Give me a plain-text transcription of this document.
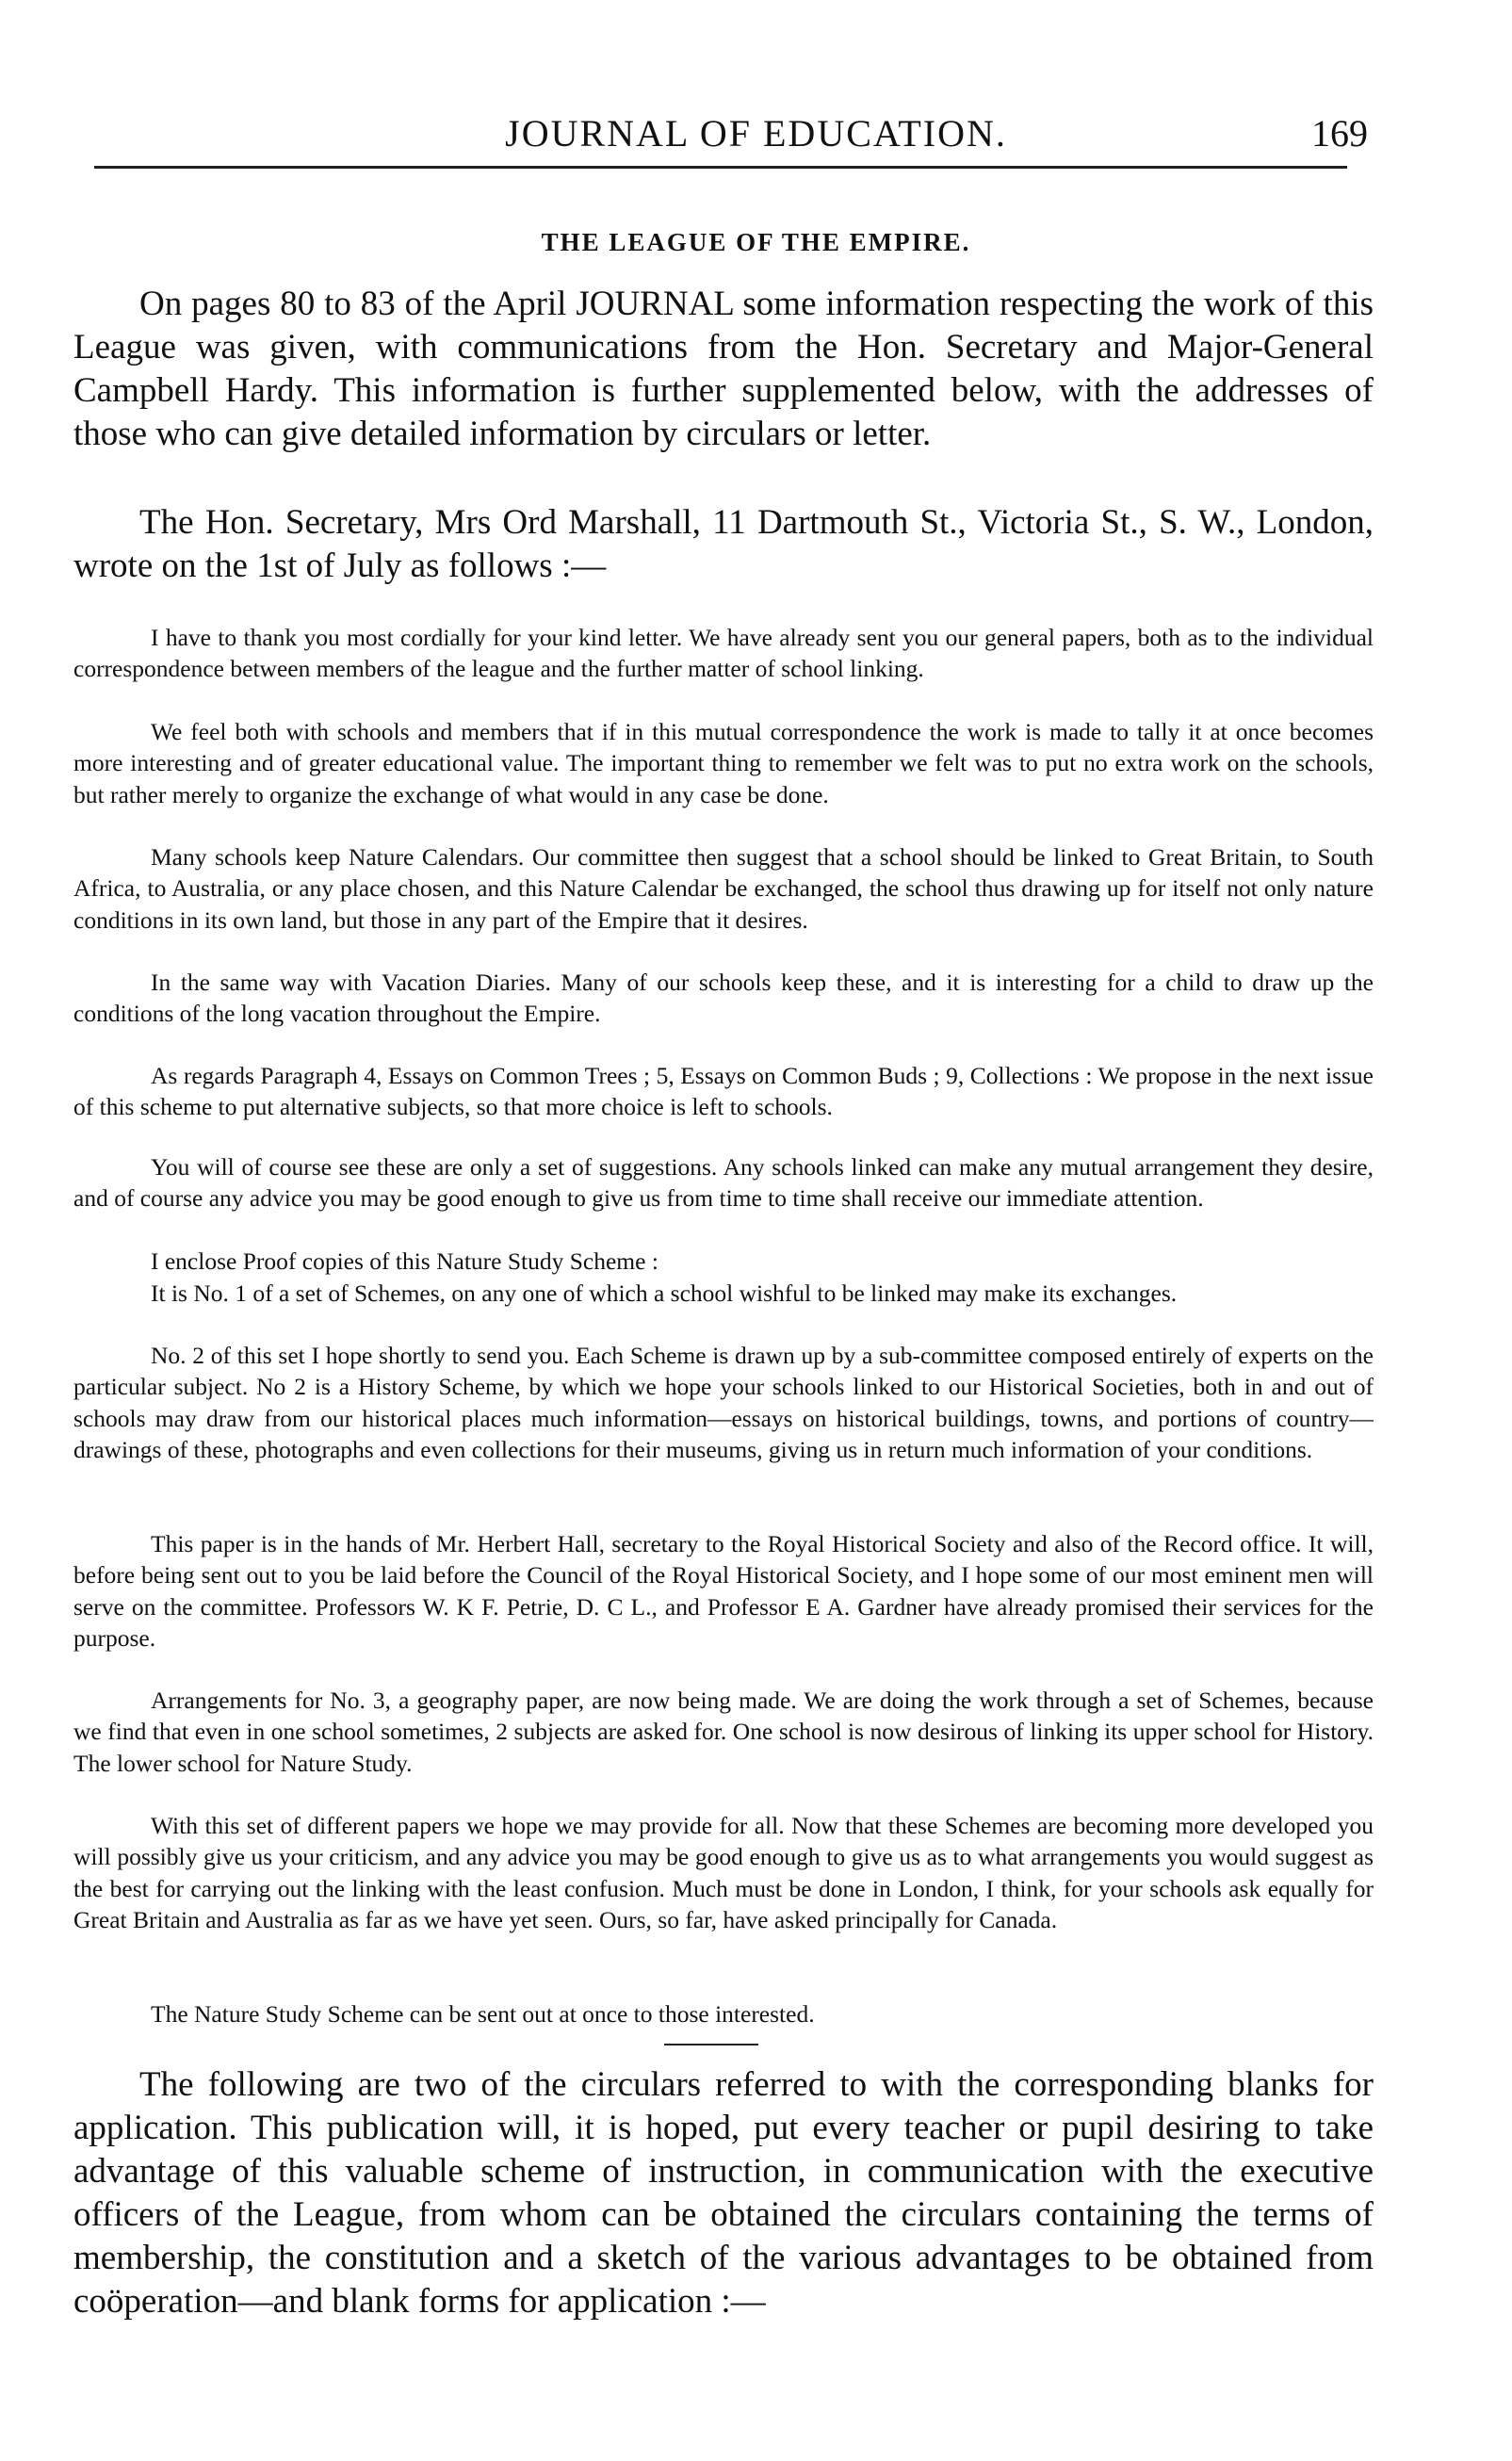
JOURNAL OF EDUCATION.	169
THE LEAGUE OF THE EMPIRE.

On pages 80 to 83 of the April JOURNAL some information respecting the work of this League was given, with communications from the Hon. Secretary and Major-General Campbell Hardy. This information is further supplemented below, with the addresses of those who can give detailed information by circulars or letter.

The Hon. Secretary, Mrs Ord Marshall, 11 Dartmouth St., Victoria St., S. W., London, wrote on the 1st of July as follows :—

I have to thank you most cordially for your kind letter. We have already sent you our general papers, both as to the individual correspondence between members of the league and the further matter of school linking.

We feel both with schools and members that if in this mutual correspondence the work is made to tally it at once becomes more interesting and of greater educational value. The important thing to remember we felt was to put no extra work on the schools, but rather merely to organize the exchange of what would in any case be done.

Many schools keep Nature Calendars. Our committee then suggest that a school should be linked to Great Britain, to South Africa, to Australia, or any place chosen, and this Nature Calendar be exchanged, the school thus drawing up for itself not only nature conditions in its own land, but those in any part of the Empire that it desires.

In the same way with Vacation Diaries. Many of our schools keep these, and it is interesting for a child to draw up the conditions of the long vacation throughout the Empire.

As regards Paragraph 4, Essays on Common Trees ; 5, Essays on Common Buds ; 9, Collections : We propose in the next issue of this scheme to put alternative subjects, so that more choice is left to schools.

You will of course see these are only a set of suggestions. Any schools linked can make any mutual arrangement they desire, and of course any advice you may be good enough to give us from time to time shall receive our immediate attention.

I enclose Proof copies of this Nature Study Scheme :

It is No. 1 of a set of Schemes, on any one of which a school wishful to be linked may make its exchanges.

No. 2 of this set I hope shortly to send you. Each Scheme is drawn up by a sub-committee composed entirely of experts on the particular subject. No 2 is a History Scheme, by which we hope your schools linked to our Historical Societies, both in and out of schools may draw from our historical places much information—essays on historical buildings, towns, and portions of country—drawings of these, photographs and even collections for their museums, giving us in return much information of your conditions.

This paper is in the hands of Mr. Herbert Hall, secretary to the Royal Historical Society and also of the Record office. It will, before being sent out to you be laid before the Council of the Royal Historical Society, and I hope some of our most eminent men will serve on the committee. Professors W. K F. Petrie, D. C L., and Professor E A. Gardner have already promised their services for the purpose.

Arrangements for No. 3, a geography paper, are now being made. We are doing the work through a set of Schemes, because we find that even in one school sometimes, 2 subjects are asked for. One school is now desirous of linking its upper school for History. The lower school for Nature Study.

With this set of different papers we hope we may provide for all. Now that these Schemes are becoming more developed you will possibly give us your criticism, and any advice you may be good enough to give us as to what arrangements you would suggest as the best for carrying out the linking with the least confusion. Much must be done in London, I think, for your schools ask equally for Great Britain and Australia as far as we have yet seen. Ours, so far, have asked principally for Canada.

The Nature Study Scheme can be sent out at once to those interested.

The following are two of the circulars referred to with the corresponding blanks for application. This publication will, it is hoped, put every teacher or pupil desiring to take advantage of this valuable scheme of instruction, in communication with the executive officers of the League, from whom can be obtained the circulars containing the terms of membership, the constitution and a sketch of the various advantages to be obtained from coöperation—and blank forms for application :—
